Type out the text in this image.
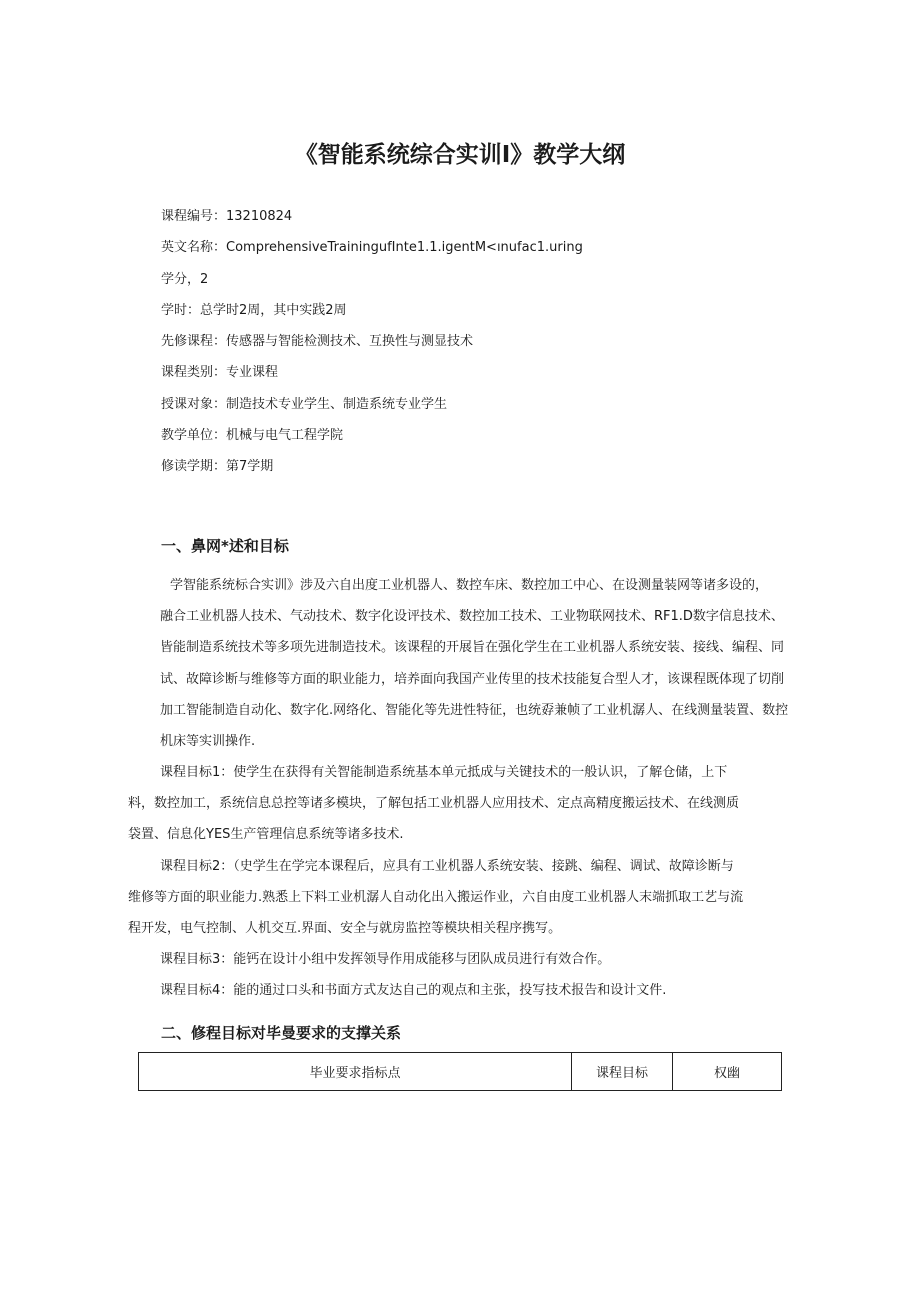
《智能系统综合实训Ⅰ》教学大纲
课程编号：13210824
英文名称：ComprehensiveTrainingufInte1.1.igentM<ınufac1.uring
学分，2
学时：总学时2周，其中实践2周
先修课程：传感器与智能检测技术、互换性与测显技术
课程类别：专业课程
授课对象：制造技术专业学生、制造系统专业学生
教学单位：机械与电气工程学院
修读学期：第7学期
一、鼻网*述和目标
学智能系统标合实训》涉及六自出度工业机器人、数控车床、数控加工中心、在设测量装网等诸多设的，
融合工业机器人技术、气动技术、数字化设评技术、数控加工技术、工业物联网技术、RF1.D数字信息技术、
皆能制造系统技术等多项先进制造技术。该课程的开展旨在强化学生在工业机器人系统安装、接线、编程、同
试、故障诊断与维修等方面的职业能力，培养面向我国产业传里的技术技能复合型人才，该课程既体现了切削
加工智能制造自动化、数字化.网络化、智能化等先进性特征，也统孬兼帧了工业机潺人、在线测量装置、数控
机床等实训操作.
课程目标1：使学生在获得有关智能制造系统基本单元抵成与关键技术的一般认识，了解仓储，上下
料，数控加工，系统信息总控等诸多模块，了解包括工业机器人应用技术、定点高精度搬运技术、在线测质
袋置、信息化YES生产管理信息系统等诸多技术.
课程目标2：（史学生在学完本课程后，应具有工业机器人系统安装、接跳、编程、调试、故障诊断与
维修等方面的职业能力.熟悉上下料工业机潺人自动化出入搬运作业，六自由度工业机器人末端抓取工艺与流
程开发，电气控制、人机交互.界面、安全与就房监控等模块相关程序携写。
课程目标3：能钙在设计小组中发挥领导作用成能移与团队成员进行有效合作。
课程目标4：能的通过口头和书面方式友达自己的观点和主张，投写技术报告和设计文件.
二、修程目标对毕曼要求的支撑关系
毕业要求指标点	课程目标	权幽
